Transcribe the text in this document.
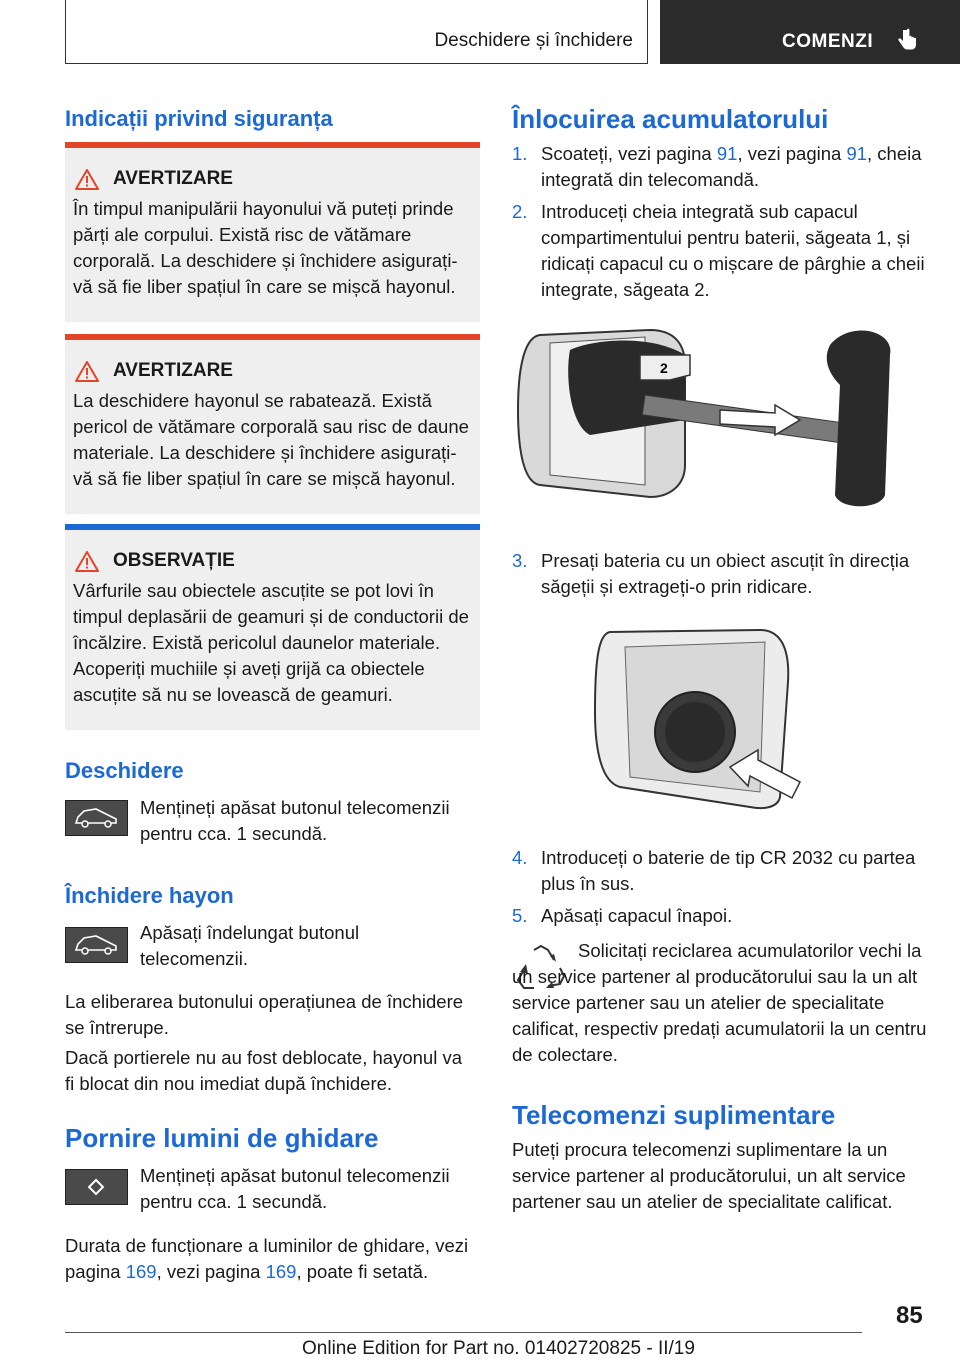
Deschidere și închidere	COMENZI
Indicații privind siguranța
AVERTIZARE
În timpul manipulării hayonului vă puteți prinde părți ale corpului. Există risc de vătămare corporală. La deschidere și închidere asigurați-vă să fie liber spațiul în care se mișcă hayonul.
AVERTIZARE
La deschidere hayonul se rabatează. Există pericol de vătămare corporală sau risc de daune materiale. La deschidere și închidere asigurați-vă să fie liber spațiul în care se mișcă hayonul.
OBSERVAȚIE
Vârfurile sau obiectele ascuțite se pot lovi în timpul deplasării de geamuri și de conductorii de încălzire. Există pericolul daunelor materiale. Acoperiți muchiile și aveți grijă ca obiectele ascuțite să nu se lovească de geamuri.
Deschidere
Mențineți apăsat butonul telecomenzii pentru cca. 1 secundă.
Închidere hayon
Apăsați îndelungat butonul telecomenzii.
La eliberarea butonului operațiunea de închidere se întrerupe.
Dacă portierele nu au fost deblocate, hayonul va fi blocat din nou imediat după închidere.
Pornire lumini de ghidare
Mențineți apăsat butonul telecomenzii pentru cca. 1 secundă.
Durata de funcționare a luminilor de ghidare, vezi pagina 169, vezi pagina 169, poate fi setată.
Înlocuirea acumulatorului
1. Scoateți, vezi pagina 91, vezi pagina 91, cheia integrată din telecomandă.
2. Introduceți cheia integrată sub capacul compartimentului pentru baterii, săgeata 1, și ridicați capacul cu o mișcare de pârghie a cheii integrate, săgeata 2.
2
3. Presați bateria cu un obiect ascuțit în direcția săgeții și extrageți-o prin ridicare.
4. Introduceți o baterie de tip CR 2032 cu partea plus în sus.
5. Apăsați capacul înapoi.
Solicitați reciclarea acumulatorilor vechi la un service partener al producătorului sau la un alt service partener sau un atelier de specialitate calificat, respectiv predați acumulatorii la un centru de colectare.
Telecomenzi suplimentare
Puteți procura telecomenzi suplimentare la un service partener al producătorului, un alt service partener sau un atelier de specialitate calificat.
85
Online Edition for Part no. 01402720825 - II/19
